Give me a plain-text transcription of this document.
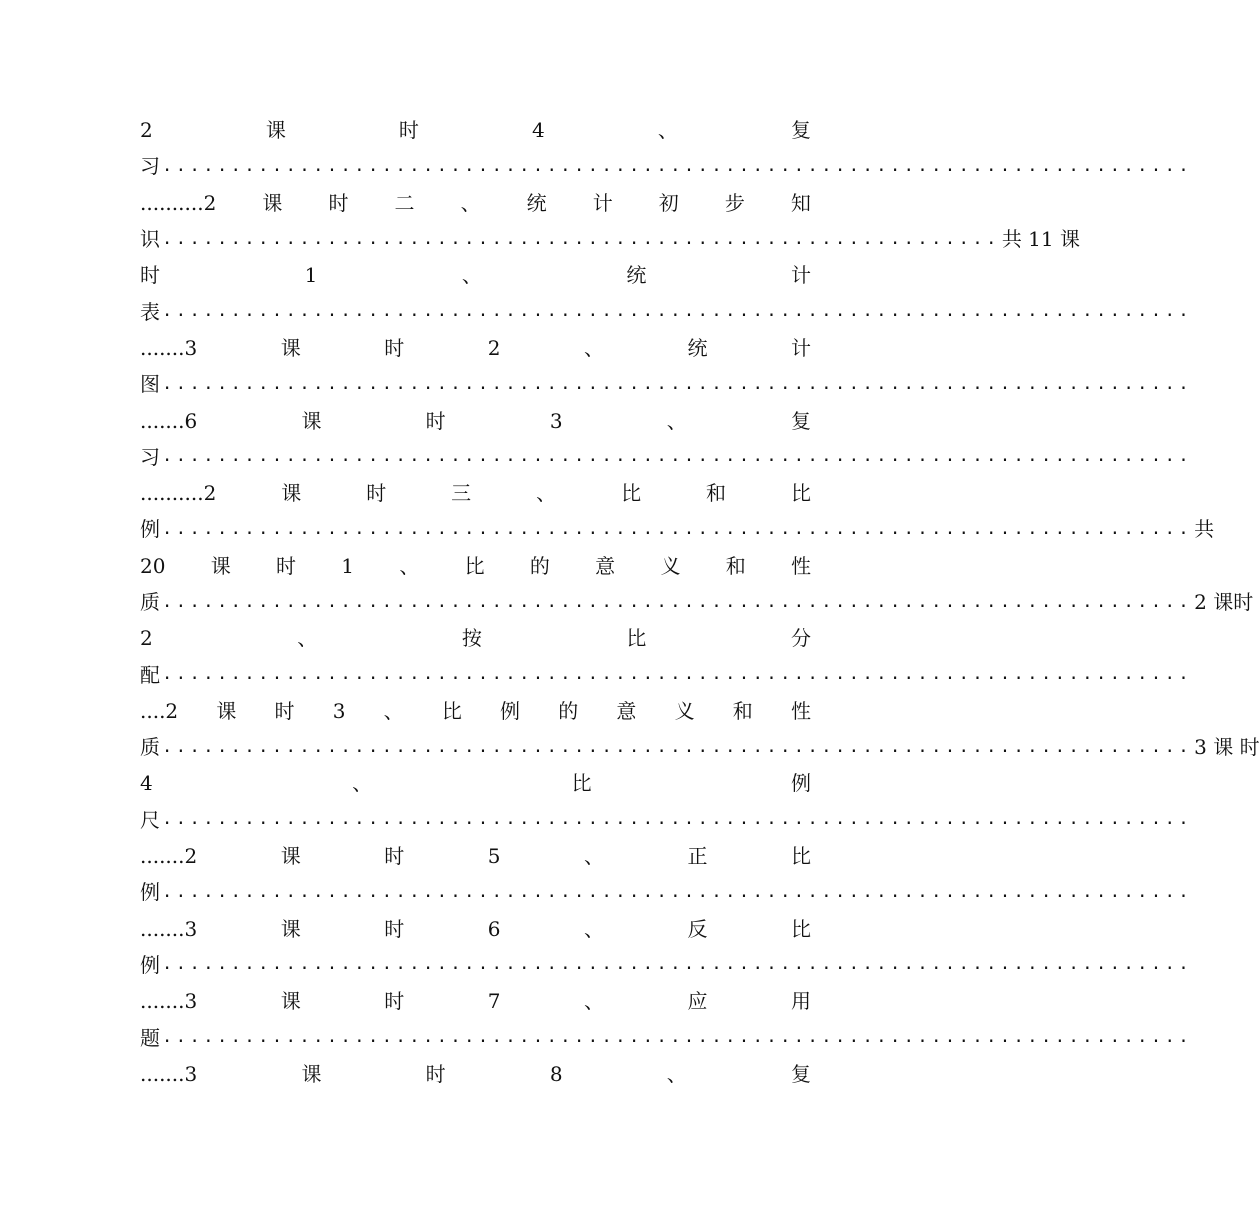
2	课	时	4	、	复
习 ...........................................................................
..........2 课 时 二 、 统 计 初 步 知
识 ............................................................. 共 11 课
时	1	、	统	计
表 ...........................................................................
.......3	课	时	2	、	统	计
图 ...........................................................................
.......6	课	时	3	、	复
习 ...........................................................................
..........2	课	时	三	、	比	和	比
例 ........................................................................... 共
20 课 时 1 、 比 的 意 义 和 性
质 ........................................................................... 2 课时
2	、	按	比	分
配 ...........................................................................
....2 课 时 3 、 比 例 的 意 义 和 性
质 ........................................................................... 3 课 时
4	、	比	例
尺 ...........................................................................
.......2	课	时	5	、	正	比
例 ...........................................................................
.......3	课	时	6	、	反	比
例 ...........................................................................
.......3	课	时	7	、	应	用
题 ...........................................................................
.......3	课	时	8	、	复
